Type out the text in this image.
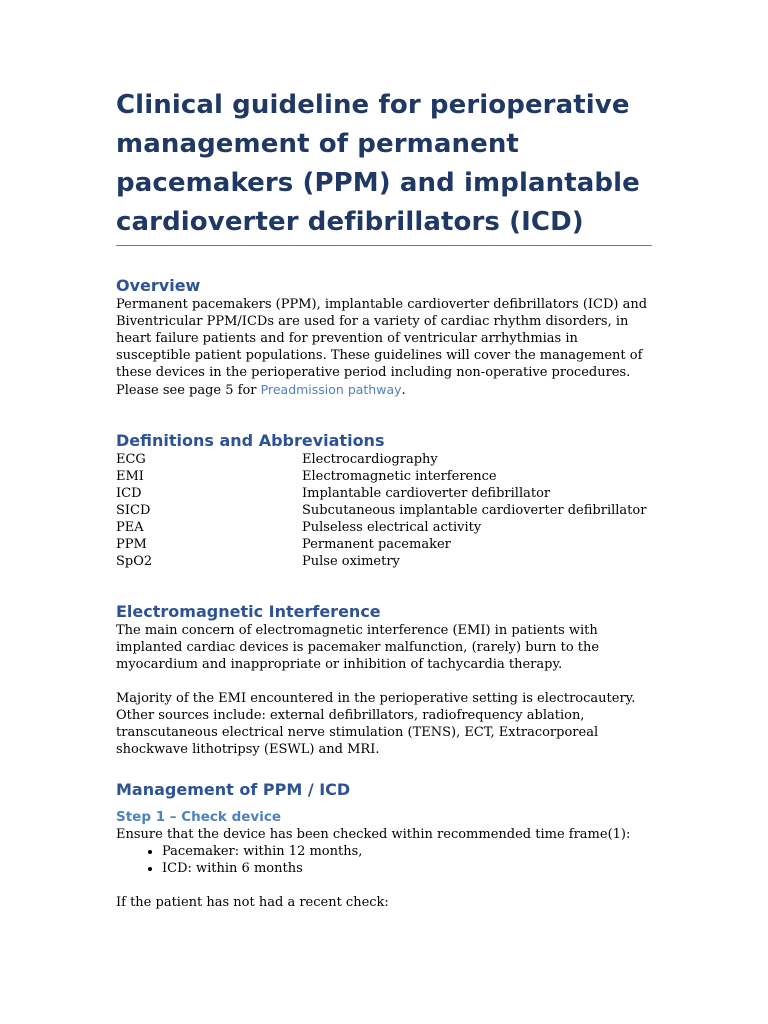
Clinical guideline for perioperative management of permanent pacemakers (PPM) and implantable cardioverter defibrillators (ICD)
Overview

Permanent pacemakers (PPM), implantable cardioverter defibrillators (ICD) and Biventricular PPM/ICDs are used for a variety of cardiac rhythm disorders, in heart failure patients and for prevention of ventricular arrhythmias in susceptible patient populations. These guidelines will cover the management of these devices in the perioperative period including non-operative procedures. Please see page 5 for Preadmission pathway.

Definitions and Abbreviations
ECG	Electrocardiography
EMI	Electromagnetic interference
ICD	Implantable cardioverter defibrillator
SICD	Subcutaneous implantable cardioverter defibrillator
PEA	Pulseless electrical activity
PPM	Permanent pacemaker
SpO2	Pulse oximetry
Electromagnetic Interference

The main concern of electromagnetic interference (EMI) in patients with implanted cardiac devices is pacemaker malfunction, (rarely) burn to the myocardium and inappropriate or inhibition of tachycardia therapy.

Majority of the EMI encountered in the perioperative setting is electrocautery. Other sources include: external defibrillators, radiofrequency ablation, transcutaneous electrical nerve stimulation (TENS), ECT, Extracorporeal shockwave lithotripsy (ESWL) and MRI.

Management of PPM / ICD
Step 1 – Check device

Ensure that the device has been checked within recommended time frame(1):

• Pacemaker: within 12 months,
• ICD: within 6 months

If the patient has not had a recent check:
